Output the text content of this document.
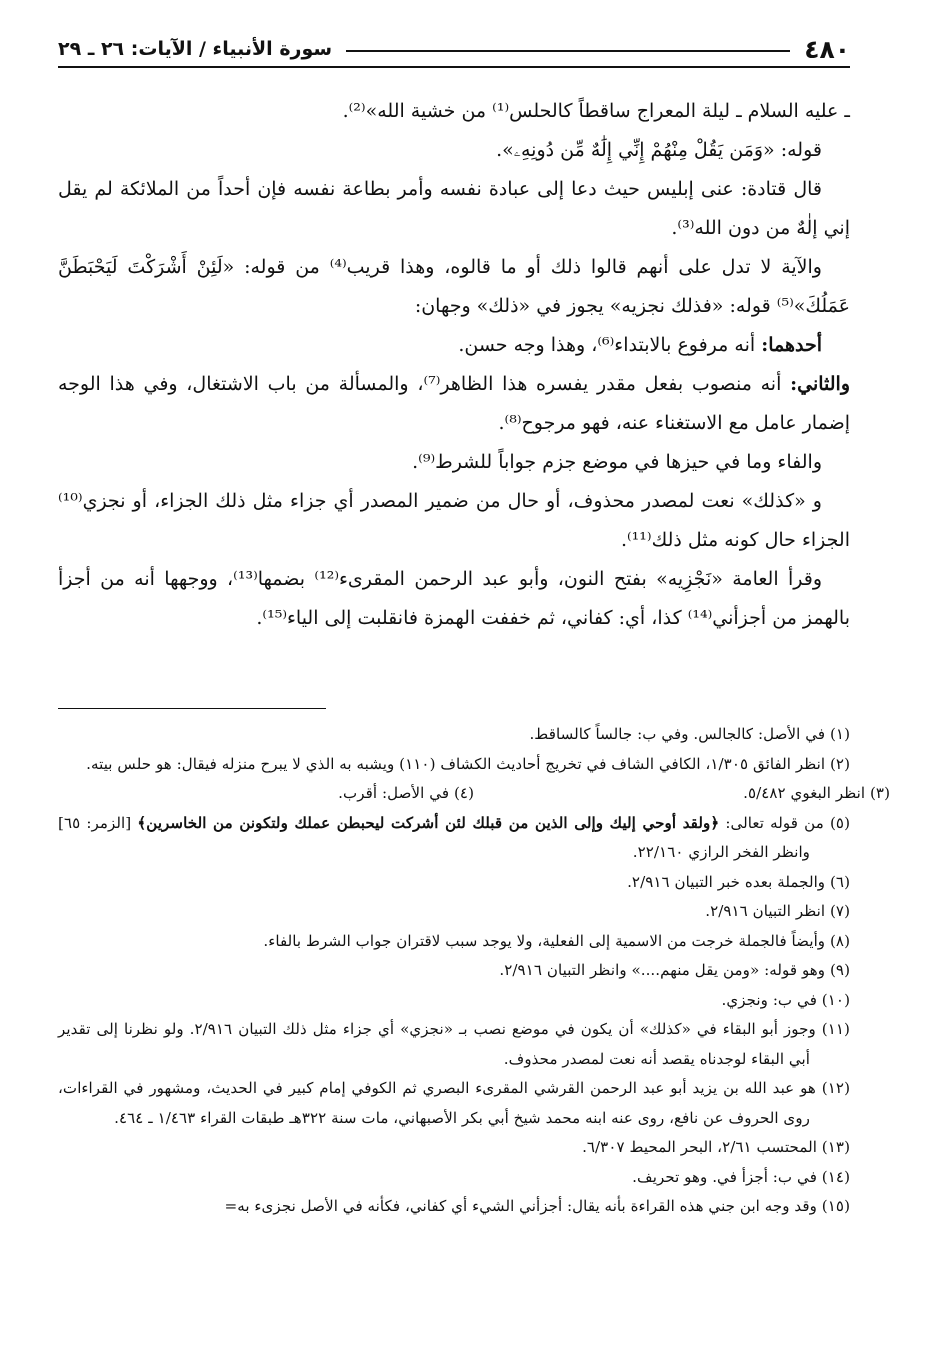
٤٨٠
سورة الأنبياء / الآيات: ٢٦ ـ ٢٩

ـ عليه السلام ـ ليلة المعراج ساقطاً كالحلس⁽¹⁾ من خشية الله»⁽²⁾.

قوله: «وَمَن يَقُلْ مِنْهُمْ إِنِّي إِلَٰهٌ مِّن دُونِهِۦ».

قال قتادة: عنى إبليس حيث دعا إلى عبادة نفسه وأمر بطاعة نفسه فإن أحداً من الملائكة لم يقل إني إلٰهٌ من دون الله⁽³⁾.

والآية لا تدل على أنهم قالوا ذلك أو ما قالوه، وهذا قريب⁽⁴⁾ من قوله: «لَئِنْ أَشْرَكْتَ لَيَحْبَطَنَّ عَمَلُكَ»⁽⁵⁾ قوله: «فذلك نجزيه» يجوز في «ذلك» وجهان:

أحدهما: أنه مرفوع بالابتداء⁽⁶⁾، وهذا وجه حسن.

والثاني: أنه منصوب بفعل مقدر يفسره هذا الظاهر⁽⁷⁾، والمسألة من باب الاشتغال، وفي هذا الوجه إضمار عامل مع الاستغناء عنه، فهو مرجوح⁽⁸⁾.

والفاء وما في حيزها في موضع جزم جواباً للشرط⁽⁹⁾.

و «كذلك» نعت لمصدر محذوف، أو حال من ضمير المصدر أي جزاء مثل ذلك الجزاء، أو نجزي⁽¹⁰⁾ الجزاء حال كونه مثل ذلك⁽¹¹⁾.

وقرأ العامة «نَجْزِيه» بفتح النون، وأبو عبد الرحمن المقرىء⁽¹²⁾ بضمها⁽¹³⁾، ووجهها أنه من أجزأ بالهمز من أجزأني⁽¹⁴⁾ كذا، أي: كفاني، ثم خففت الهمزة فانقلبت إلى الياء⁽¹⁵⁾.

(١) في الأصل: كالجالس. وفي ب: جالساً كالساقط.

(٢) انظر الفائق ١/٣٠٥، الكافي الشاف في تخريج أحاديث الكشاف (١١٠) ويشبه به الذي لا يبرح منزله فيقال: هو حلس بيته.

(٣) انظر البغوي ٥/٤٨٢.(٤) في الأصل: أقرب.

(٥) من قوله تعالى: ﴿ولقد أوحي إليك وإلى الذين من قبلك لئن أشركت ليحبطن عملك ولتكونن من الخاسرين﴾ [الزمر: ٦٥] وانظر الفخر الرازي ٢٢/١٦٠.

(٦) والجملة بعده خبر التبيان ٢/٩١٦.

(٧) انظر التبيان ٢/٩١٦.

(٨) وأيضاً فالجملة خرجت من الاسمية إلى الفعلية، ولا يوجد سبب لاقتران جواب الشرط بالفاء.

(٩) وهو قوله: «ومن يقل منهم....» وانظر التبيان ٢/٩١٦.

(١٠) في ب: ونجزي.

(١١) وجوز أبو البقاء في «كذلك» أن يكون في موضع نصب بـ «نجزي» أي جزاء مثل ذلك التبيان ٢/٩١٦. ولو نظرنا إلى تقدير أبي البقاء لوجدناه يقصد أنه نعت لمصدر محذوف.

(١٢) هو عبد الله بن يزيد أبو عبد الرحمن القرشي المقرىء البصري ثم الكوفي إمام كبير في الحديث، ومشهور في القراءات، روى الحروف عن نافع، روى عنه ابنه محمد شيخ أبي بكر الأصبهاني، مات سنة ٣٢٢هـ طبقات القراء ١/٤٦٣ ـ ٤٦٤.

(١٣) المحتسب ٢/٦١، البحر المحيط ٦/٣٠٧.

(١٤) في ب: أجزأ في. وهو تحريف.

(١٥) وقد وجه ابن جني هذه القراءة بأنه يقال: أجزأني الشيء أي كفاني، فكأنه في الأصل نجزىء به=
